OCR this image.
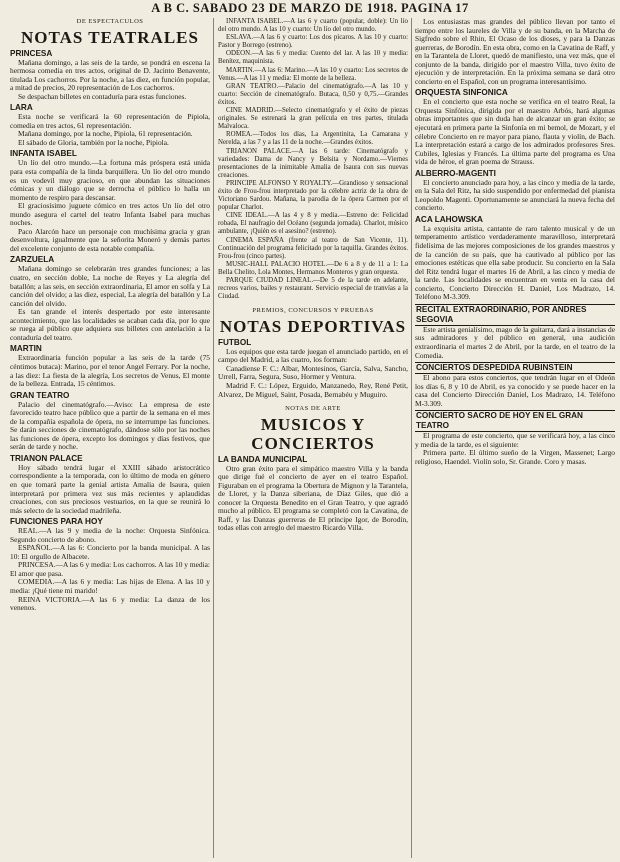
A B C. SABADO 23 DE MARZO DE 1918. PAGINA 17
DE ESPECTACULOS
NOTAS TEATRALES
PRINCESA

Mañana domingo, a las seis de la tarde, se pondrá en escena la hermosa comedia en tres actos, original de D. Jacinto Benavente, titulada Los cachorros. Por la noche, a las diez, en función popular, a mitad de precios, 20 representación de Los cachorros.

Se despachan billetes en contaduría para estas funciones.

LARA

Esta noche se verificará la 60 representación de Pipiola, comedia en tres actos, 61 representación.

Mañana domingo, por la noche, Pipiola, 61 representación.

El sábado de Gloria, también por la noche, Pipiola.

INFANTA ISABEL

Un lío del otro mundo.—La fortuna más próspera está unida para esta compañía de la linda barquillera. Un lío del otro mundo es un vodevil muy gracioso, en que abundan las situaciones cómicas y un diálogo que se derrocha el público lo halla un momento de respiro para descansar.

El graciosísimo juguete cómico en tres actos Un lío del otro mundo asegura el cartel del teatro Infanta Isabel para muchas noches.

Paco Alarcón hace un personaje con muchísima gracia y gran desenvoltura, igualmente que la señorita Moneró y demás partes del excelente conjunto de esta notable compañía.

ZARZUELA

Mañana domingo se celebrarán tres grandes funciones; a las cuatro, en sección doble, La noche de Reyes y La alegría del batallón; a las seis, en sección extraordinaria, El amor en solfa y La canción del olvido; a las diez, especial, La alegría del batallón y La canción del olvido.

Es tan grande el interés despertado por este interesante acontecimiento, que las localidades se acaban cada día, por lo que se ruega al público que adquiera sus billetes con antelación a la contaduría del teatro.

MARTIN

Extraordinaria función popular a las seis de la tarde (75 céntimos butaca): Marino, por el tenor Angel Ferrary. Por la noche, a las diez: La fiesta de la alegría, Los secretos de Venus, El monte de la belleza. Entrada, 15 céntimos.

GRAN TEATRO

Palacio del cinematógrafo.—Aviso: La empresa de este favorecido teatro hace público que a partir de la semana en el mes de la compañía española de ópera, no se interrumpe las funciones. Se darán secciones de cinematógrafo, dándose sólo por las noches las funciones de ópera, excepto los domingos y días festivos, que serán de tarde y noche.

TRIANON PALACE

Hoy sábado tendrá lugar el XXIII sábado aristocrático correspondiente a la temporada, con lo último de moda en género en que tomará parte la genial artista Amalia de Isaura, quien interpretará por primera vez sus más recientes y aplaudidas creaciones, con sus preciosos vestuarios, en la que se reunirá lo más selecto de la sociedad madrileña.

FUNCIONES PARA HOY

REAL.—A las 9 y media de la noche: Orquesta Sinfónica. Segundo concierto de abono.

ESPAÑOL.—A las 6: Concierto por la banda municipal. A las 10: El orgullo de Albacete.

PRINCESA.—A las 6 y media: Los cachorros. A las 10 y media: El amor que pasa.

COMEDIA.—A las 6 y media: Las hijas de Elena. A las 10 y media: ¡Qué tiene mi marido!

REINA VICTORIA.—A las 6 y media: La danza de los venenos.

INFANTA ISABEL.—A las 6 y cuarto (popular, doble): Un lío del otro mundo. A las 10 y cuarto: Un lío del otro mundo.

ESLAVA.—A las 6 y cuarto: Los dos pícaros. A las 10 y cuarto: Pastor y Borrego (estreno).

ODEON.—A las 6 y media: Cuento del lar. A las 10 y media: Benítez, maquinista.

MARTIN.—A las 6: Marino.—A las 10 y cuarto: Los secretos de Venus.—A las 11 y media: El monte de la belleza.

GRAN TEATRO.—Palacio del cinematógrafo.—A las 10 y cuarto: Sección de cinematógrafo. Butaca, 0,50 y 0,75.—Grandes éxitos.

CINE MADRID.—Selecto cinematógrafo y el éxito de piezas originales. Se estrenará la gran película en tres partes, titulada Malvaloca.

ROMEA.—Todos los días, La Argentinita, La Camarana y Nerelda, a las 7 y a las 11 de la noche.—Grandes éxitos.

TRIANON PALACE.—A las 6 tarde: Cinematógrafo y variedades: Dama de Nancy y Belsita y Nordamo.—Viernes presentaciones de la inimitable Amalia de Isaura con sus nuevas creaciones.

PRINCIPE ALFONSO Y ROYALTY.—Grandioso y sensacional éxito de Frou-frou interpretado por la célebre actriz de la obra de Victoriano Sardou. Mañana, la parodia de la ópera Carmen por el popular Charlot.

CINE IDEAL.—A las 4 y 8 y media.—Estreno de: Felicidad robada, El naufragio del Océano (segunda jornada). Charlot, músico ambulante, ¡Quién es el asesino? (estreno).

CINEMA ESPAÑA (frente al teatro de San Vicente, 11). Continuación del programa felicitado por la taquilla. Grandes éxitos. Frou-frou (cinco partes).

MUSIC-HALL PALACIO HOTEL.—De 6 a 8 y de 11 a 1: La Bella Chelito, Lola Montes, Hermanos Monteros y gran orquesta.

PARQUE CIUDAD LINEAL.—De 5 de la tarde en adelante, recreos varios, bailes y restaurant. Servicio especial de tranvías a la Ciudad.

PREMIOS, CONCURSOS Y PRUEBAS
NOTAS DEPORTIVAS
FUTBOL

Los equipos que esta tarde juegan el anunciado partido, en el campo del Madrid, a las cuatro, los forman:

Canadiense F. C.: Albar, Montesinos, García, Salva, Sancho, Urrell, Farra, Segura, Suso, Hormer y Ventura.

Madrid F. C.: López, Erguido, Manzanedo, Rey, René Petit, Alvarez, De Miguel, Saint, Posada, Bernabéu y Muguiro.

NOTAS DE ARTE
MUSICOS Y CONCIERTOS
LA BANDA MUNICIPAL

Otro gran éxito para el simpático maestro Villa y la banda que dirige fué el concierto de ayer en el teatro Español. Figuraban en el programa la Obertura de Mignon y la Tarantela, de Lloret, y la Danza siberiana, de Díaz Giles, que dió a conocer la Orquesta Benedito en el Gran Teatro, y que agradó mucho al público. El programa se completó con la Cavatina, de Raff, y las Danzas guerreras de El príncipe Igor, de Borodín, todas ellas con arreglo del maestro Ricardo Villa.

Los entusiastas mas grandes del público llevan por tanto el tiempo entre los laureles de Villa y de su banda, en la Marcha de Sigfredo sobre el Rhin, El Ocaso de los dioses, y para la Danzas guerreras, de Borodín. En esta obra, como en la Cavatina de Raff, y en la Tarantela de Lloret, quedó de manifiesto, una vez más, que el conjunto de la banda, dirigido por el maestro Villa, tuvo éxito de ejecución y de interpretación. En la próxima semana se dará otro concierto en el Español, con un programa interesantísimo.

ORQUESTA SINFONICA

En el concierto que esta noche se verifica en el teatro Real, la Orquesta Sinfónica, dirigida por el maestro Arbós, hará algunas obras importantes que sin duda han de alcanzar un gran éxito; se ejecutará en primera parte la Sinfonía en mi bemol, de Mozart, y el célebre Concierto en re mayor para piano, flauta y violín, de Bach. La interpretación estará a cargo de los admirados profesores Sres. Cubiles, Iglesias y Francés. La última parte del programa es Una vida de héroe, el gran poema de Strauss.

ALBERRO-MAGENTI

El concierto anunciado para hoy, a las cinco y media de la tarde, en la Sala del Ritz, ha sido suspendido por enfermedad del pianista Leopoldo Magenti. Oportunamente se anunciará la nueva fecha del concierto.

ACA LAHOWSKA

La exquisita artista, cantante de raro talento musical y de un temperamento artístico verdaderamente maravilloso, interpretará fidelísima de las mejores composiciones de los grandes maestros y de la canción de su país, que ha cautivado al público por las emociones estéticas que ella sabe producir. Su concierto en la Sala del Ritz tendrá lugar el martes 16 de Abril, a las cinco y media de la tarde. Las localidades se encuentran en venta en la casa del concierto, Concierto Dirección H. Daniel, Los Madrazo, 14. Teléfono M-3.309.

RECITAL EXTRAORDINARIO, POR ANDRES SEGOVIA

Este artista genialísimo, mago de la guitarra, dará a instancias de sus admiradores y del público en general, una audición extraordinaria el martes 2 de Abril, por la tarde, en el teatro de la Comedia.

CONCIERTOS DESPEDIDA RUBINSTEIN

El abono para estos conciertos, que tendrán lugar en el Odeón los días 6, 8 y 10 de Abril, es ya conocido y se puede hacer en la casa del Concierto Dirección Daniel, Los Madrazo, 14. Teléfono M-3.309.

CONCIERTO SACRO DE HOY EN EL GRAN TEATRO

El programa de este concierto, que se verificará hoy, a las cinco y media de la tarde, es el siguiente:

Primera parte. El último sueño de la Virgen, Massenet; Largo religioso, Haendel. Violín solo, Sr. Grande. Coro y masas.
